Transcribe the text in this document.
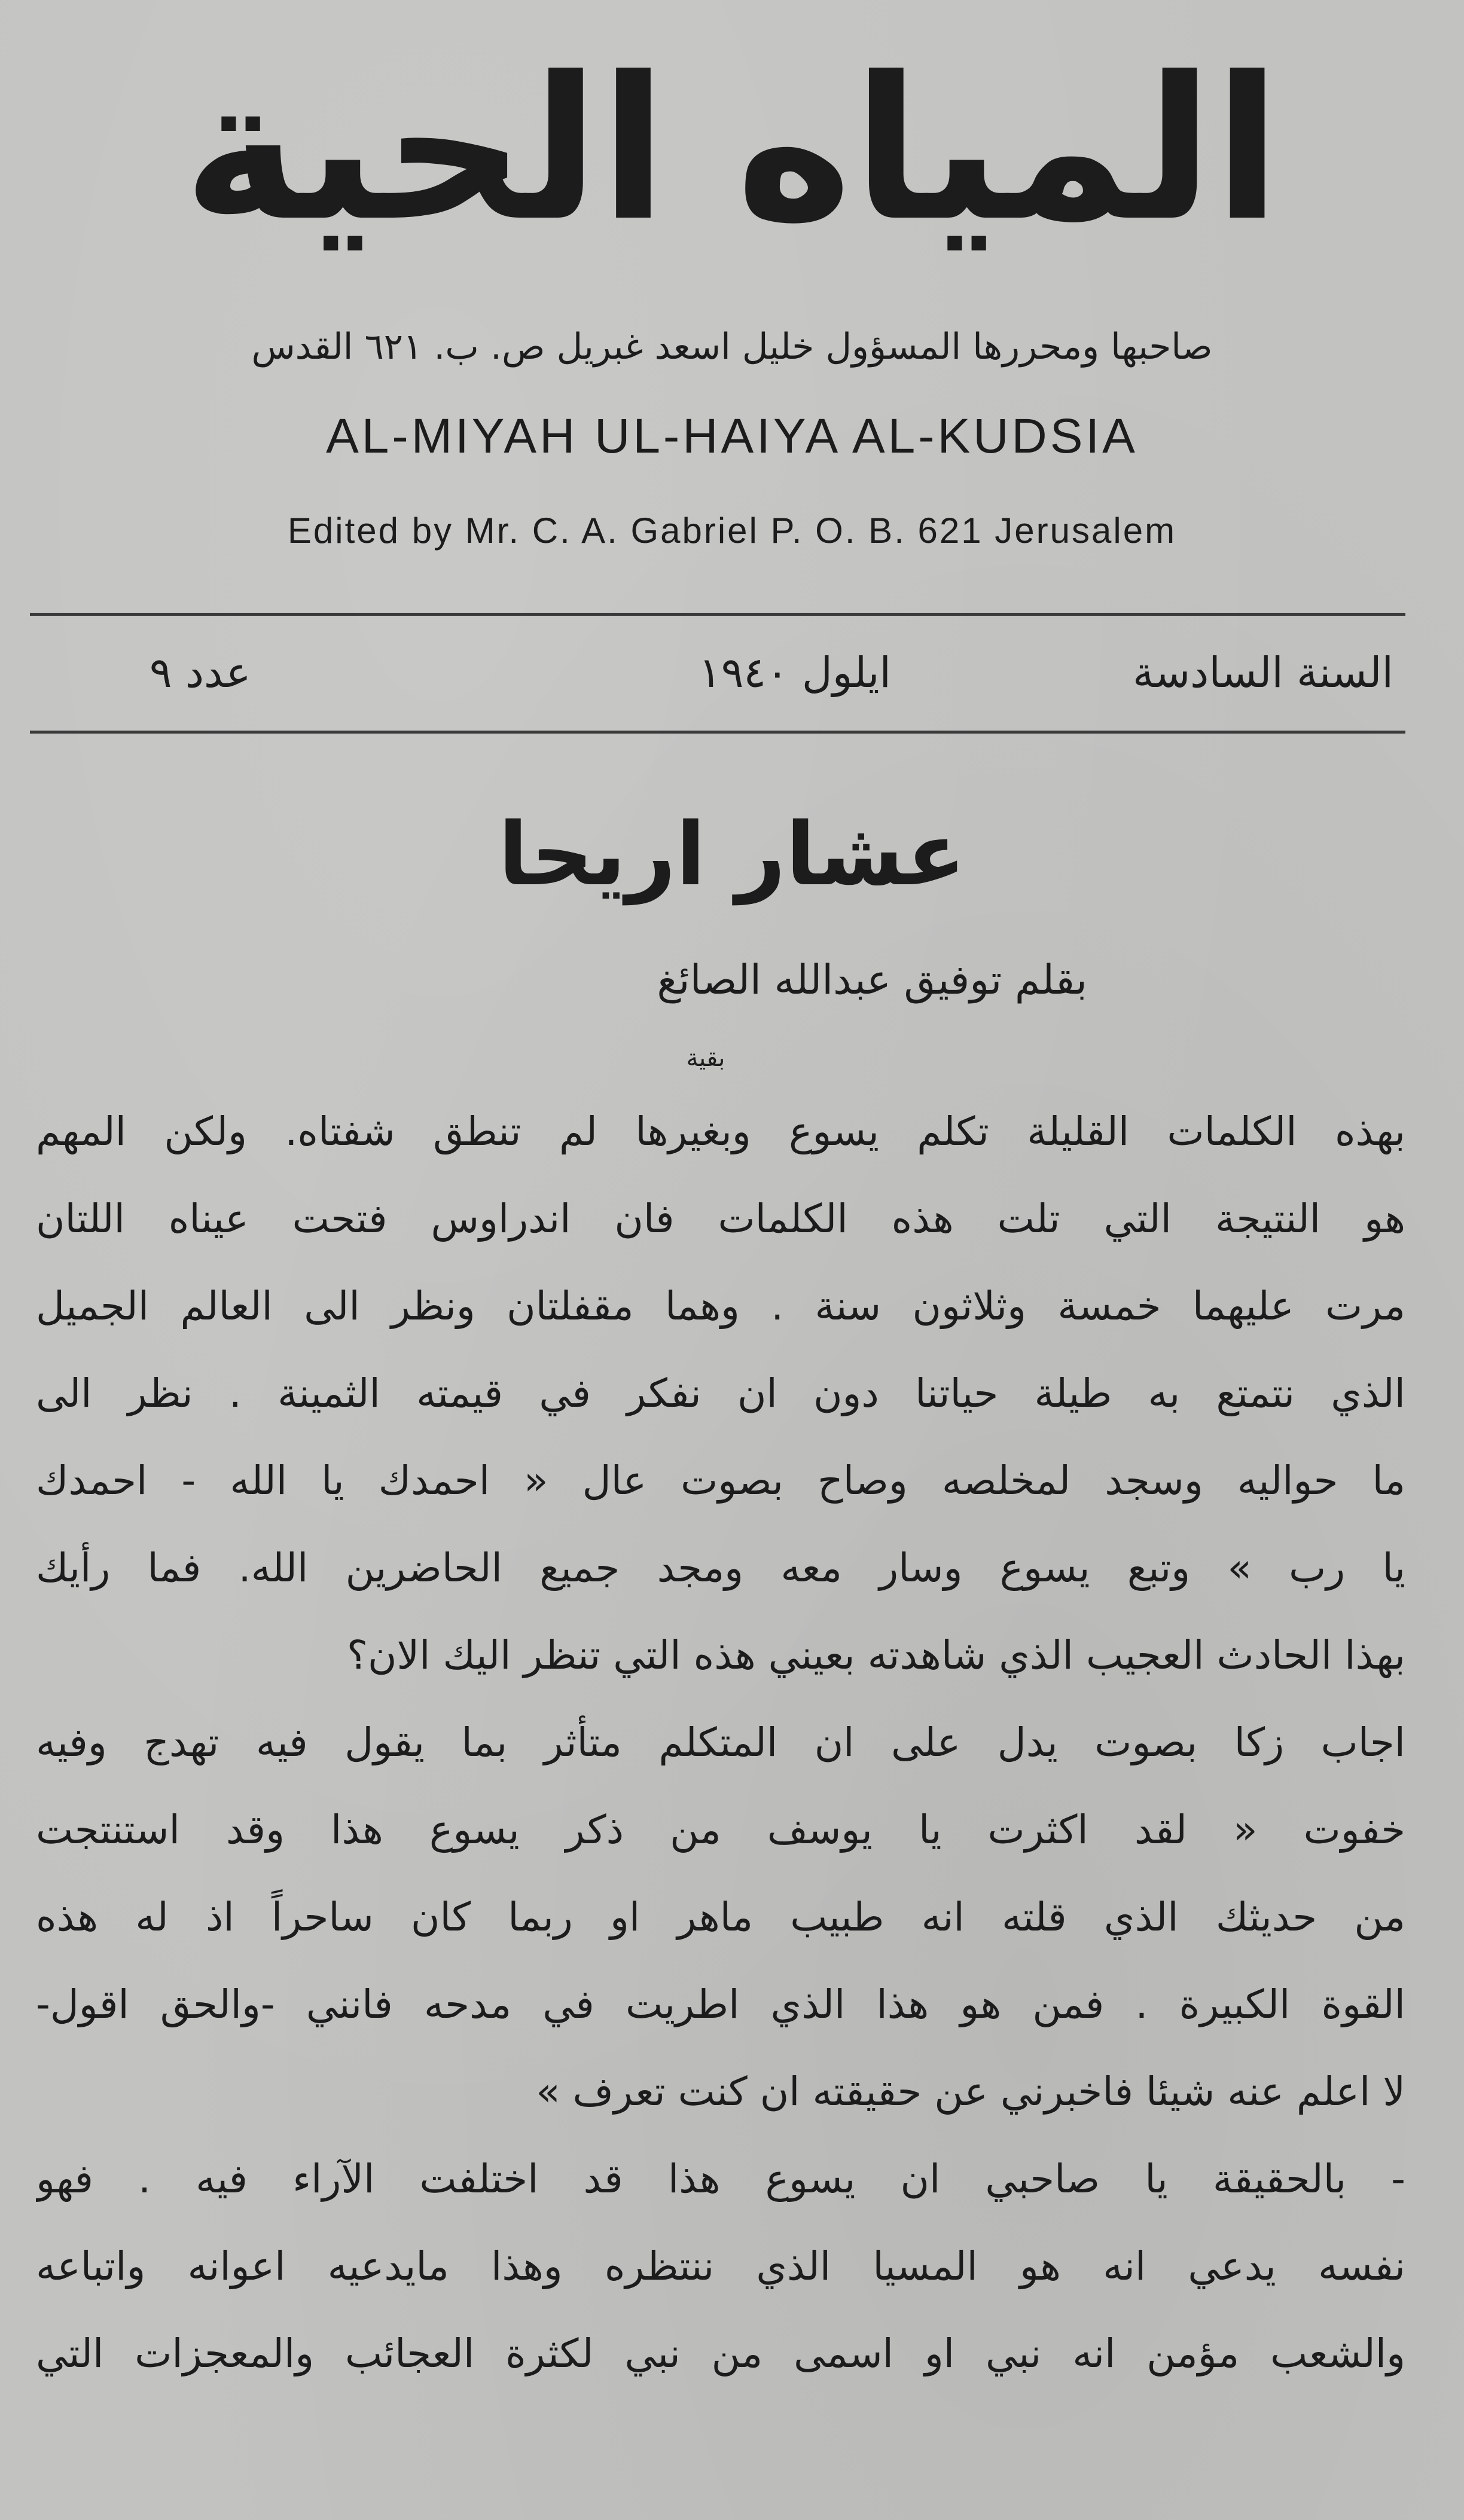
المياه الحية
صاحبها ومحررها المسؤول خليل اسعد غبريل ص. ب. ٦٢١ القدس
AL-MIYAH UL-HAIYA AL-KUDSIA
Edited by Mr. C. A. Gabriel P. O. B. 621 Jerusalem
السنة السادسة
ايلول ١٩٤٠
عدد ٩
عشار اريحا
بقلم توفيق عبدالله الصائغ
بقية
بهذه الكلمات القليلة تكلم يسوع وبغيرها لم تنطق شفتاه. ولكن المهم
هو النتيجة التي تلت هذه الكلمات فان اندراوس فتحت عيناه اللتان
مرت عليهما خمسة وثلاثون سنة . وهما مقفلتان ونظر الى العالم الجميل
الذي نتمتع به طيلة حياتنا دون ان نفكر في قيمته الثمينة . نظر الى
ما حواليه وسجد لمخلصه وصاح بصوت عال « احمدك يا الله - احمدك
يا رب » وتبع يسوع وسار معه ومجد جميع الحاضرين الله. فما رأيك
بهذا الحادث العجيب الذي شاهدته بعيني هذه التي تنظر اليك الان؟
اجاب زكا بصوت يدل على ان المتكلم متأثر بما يقول فيه تهدج وفيه
خفوت « لقد اكثرت يا يوسف من ذكر يسوع هذا وقد استنتجت
من حديثك الذي قلته انه طبيب ماهر او ربما كان ساحراً اذ له هذه
القوة الكبيرة . فمن هو هذا الذي اطريت في مدحه فانني -والحق اقول-
لا اعلم عنه شيئا فاخبرني عن حقيقته ان كنت تعرف »
- بالحقيقة يا صاحبي ان يسوع هذا قد اختلفت الآراء فيه . فهو
نفسه يدعي انه هو المسيا الذي ننتظره وهذا مايدعيه اعوانه واتباعه
والشعب مؤمن انه نبي او اسمى من نبي لكثرة العجائب والمعجزات التي
